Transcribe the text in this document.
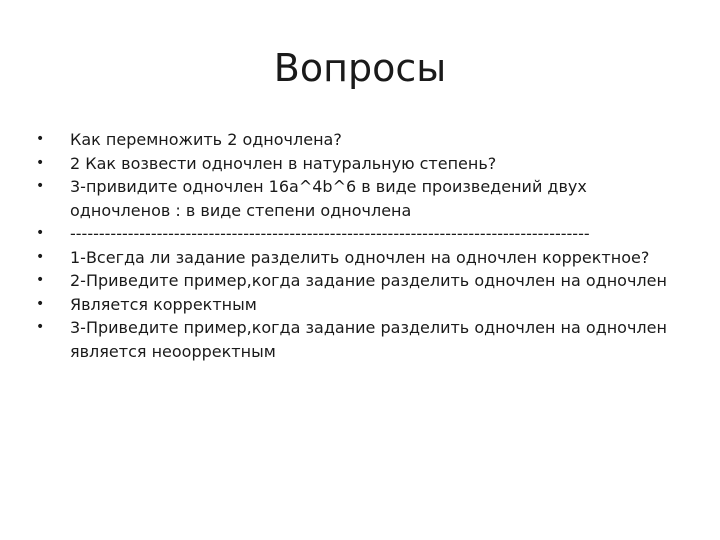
Вопросы
•	Как перемножить 2 одночлена?
•	2 Как возвести одночлен в натуральную степень?
•	3-привидите одночлен 16а^4b^6 в виде произведений двух одночленов : в виде степени одночлена
•	------------------------------------------------------------------------------------------
•	1-Всегда ли задание разделить одночлен на одночлен корректное?
•	2-Приведите пример,когда задание разделить одночлен на одночлен
•	Является корректным
•	3-Приведите пример,когда задание разделить одночлен на одночлен является неоорректным
